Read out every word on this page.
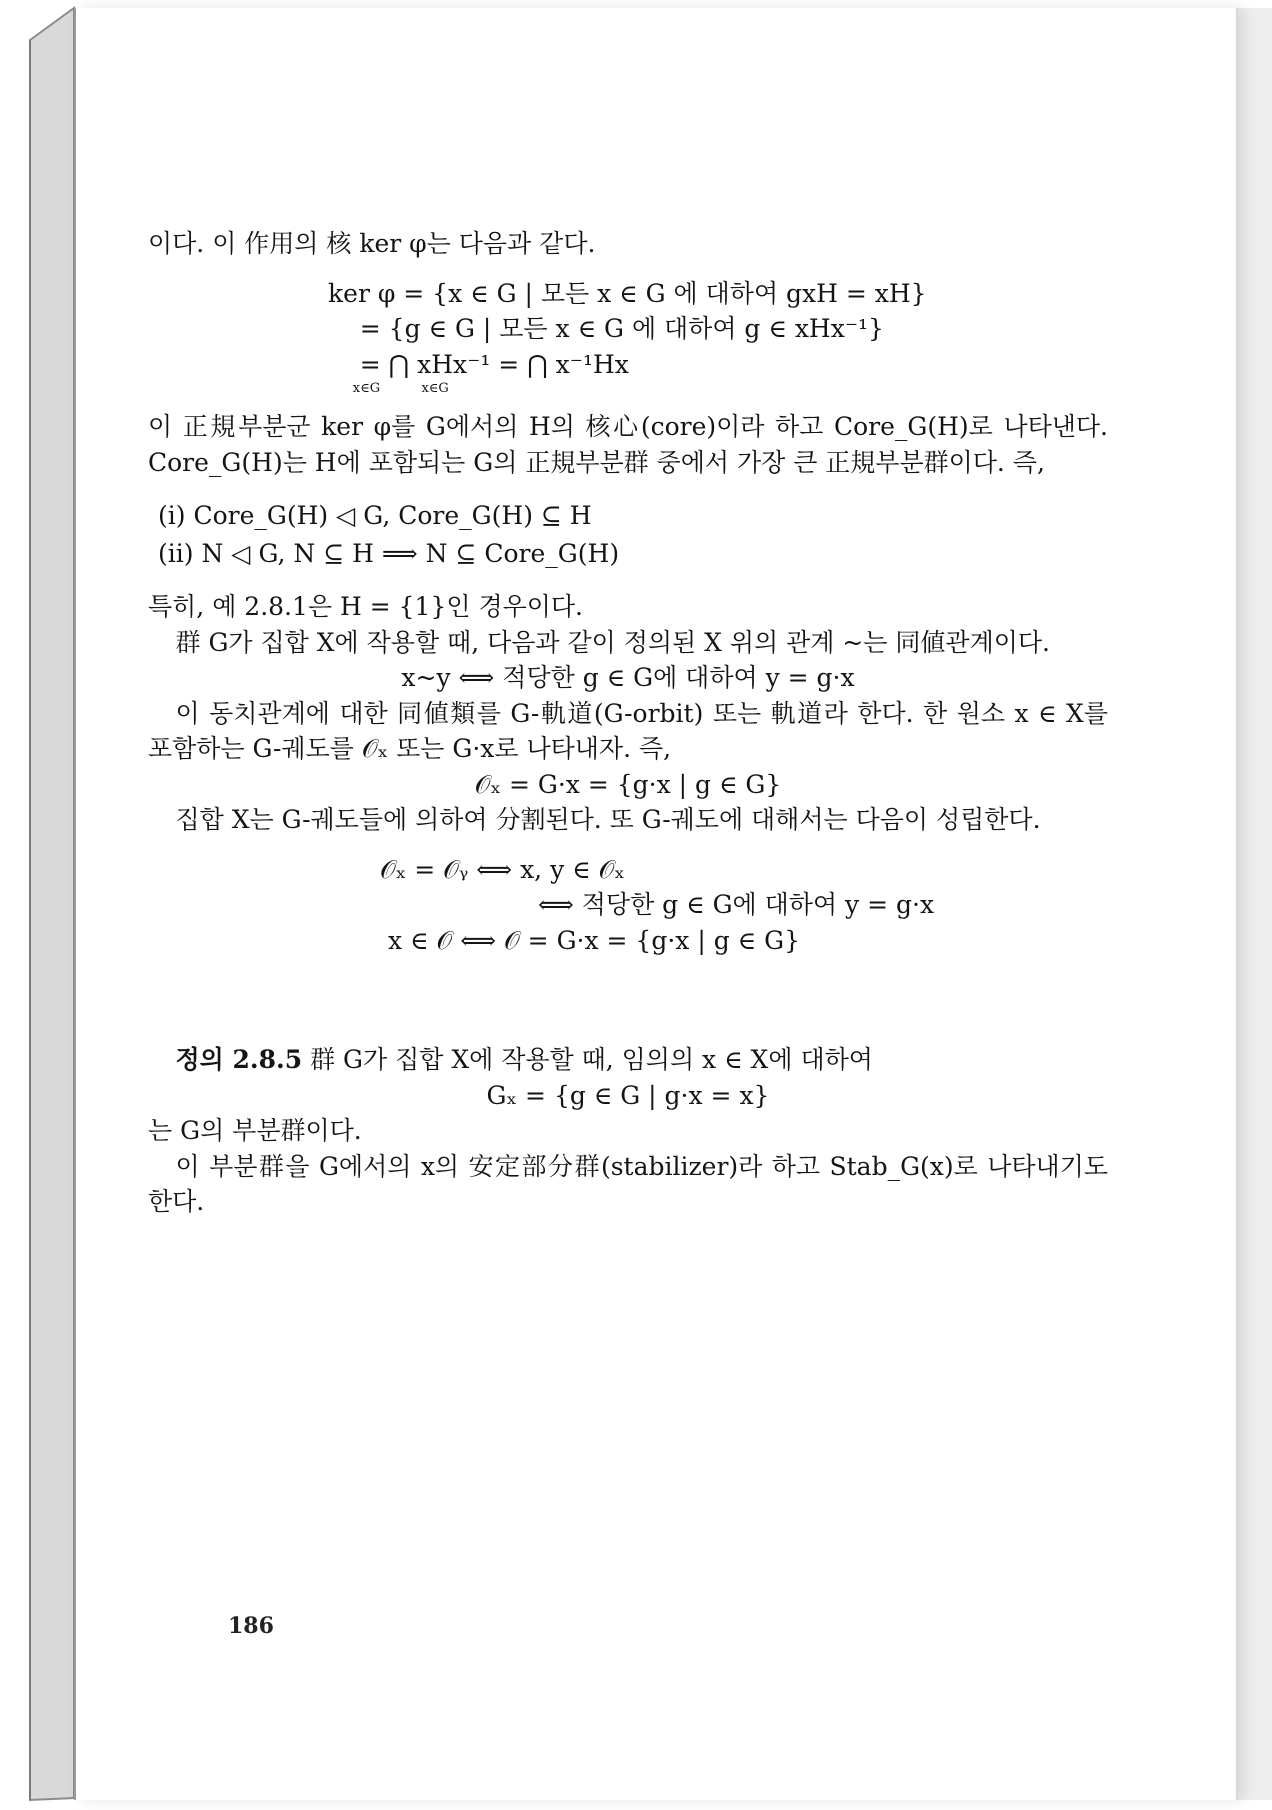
이다. 이 作用의 核 ker φ는 다음과 같다.

ker φ = {x ∈ G | 모든 x ∈ G 에 대하여 gxH = xH}
= {g ∈ G | 모든 x ∈ G 에 대하여 g ∈ xHx⁻¹}
= ⋂ xHx⁻¹ = ⋂ x⁻¹Hx
x∈G          x∈G

이 正規부분군 ker φ를 G에서의 H의 核心(core)이라 하고 Core_G(H)로 나타낸다. Core_G(H)는 H에 포함되는 G의 正規부분群 중에서 가장 큰 正規부분群이다. 즉,

(i) Core_G(H) ◁ G, Core_G(H) ⊆ H

(ii) N ◁ G, N ⊆ H ⟹ N ⊆ Core_G(H)

특히, 예 2.8.1은 H = {1}인 경우이다.

群 G가 집합 X에 작용할 때, 다음과 같이 정의된 X 위의 관계 ~는 同値관계이다.

x~y ⟺ 적당한 g ∈ G에 대하여 y = g·x

이 동치관계에 대한 同値類를 G-軌道(G-orbit) 또는 軌道라 한다. 한 원소 x ∈ X를 포함하는 G-궤도를 𝒪ₓ 또는 G·x로 나타내자. 즉,

𝒪ₓ = G·x = {g·x | g ∈ G}

집합 X는 G-궤도들에 의하여 分割된다. 또 G-궤도에 대해서는 다음이 성립한다.

𝒪ₓ = 𝒪ᵧ ⟺ x, y ∈ 𝒪ₓ
⟺ 적당한 g ∈ G에 대하여 y = g·x
x ∈ 𝒪 ⟺ 𝒪 = G·x = {g·x | g ∈ G}

정의 2.8.5 群 G가 집합 X에 작용할 때, 임의의 x ∈ X에 대하여

Gₓ = {g ∈ G | g·x = x}

는 G의 부분群이다.

이 부분群을 G에서의 x의 安定部分群(stabilizer)라 하고 Stab_G(x)로 나타내기도 한다.

186
